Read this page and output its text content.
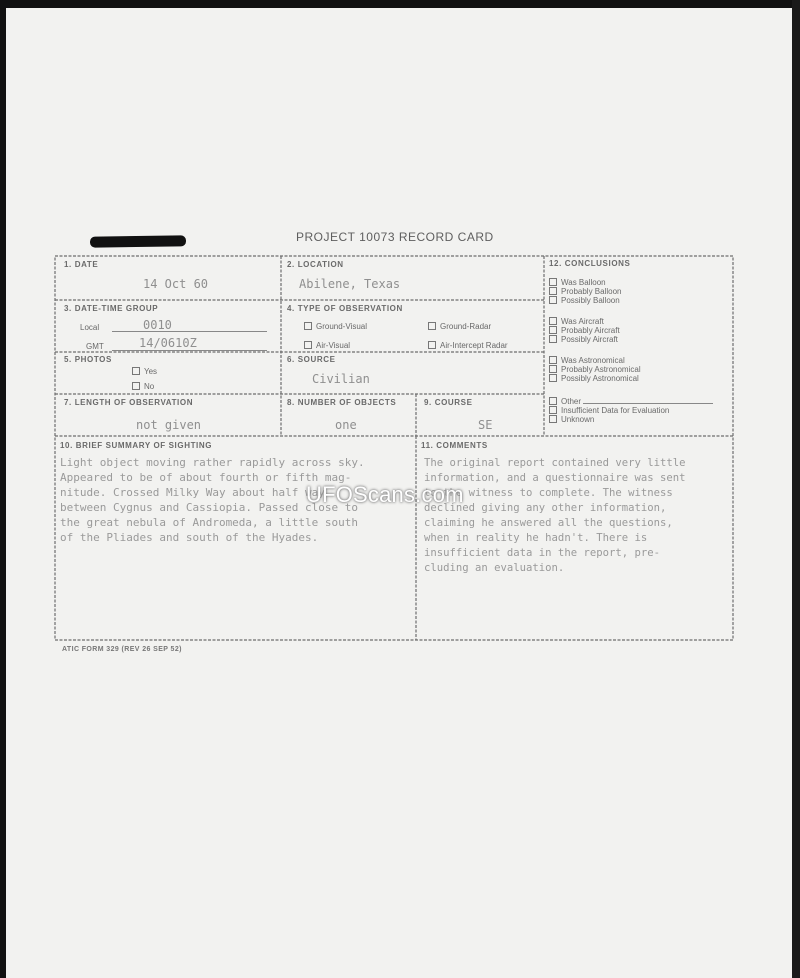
PROJECT 10073 RECORD CARD
1. DATE
14 Oct 60
2. LOCATION
Abilene, Texas
3. DATE-TIME GROUP
Local	0010
GMT	14/0610Z
4. TYPE OF OBSERVATION
Ground-Visual	Ground-Radar
Air-Visual	Air-Intercept Radar
5. PHOTOS
Yes
No
6. SOURCE
Civilian
7. LENGTH OF OBSERVATION
not given
8. NUMBER OF OBJECTS
one
9. COURSE
SE
12. CONCLUSIONS
Was Balloon
Probably Balloon
Possibly Balloon
Was Aircraft
Probably Aircraft
Possibly Aircraft
Was Astronomical
Probably Astronomical
Possibly Astronomical
Other
Insufficient Data for Evaluation
Unknown
10. BRIEF SUMMARY OF SIGHTING
Light object moving rather rapidly across sky.
Appeared to be of about fourth or fifth mag-
nitude. Crossed Milky Way about half way
between Cygnus and Cassiopia. Passed close to
the great nebula of Andromeda, a little south
of the Pliades and south of the Hyades.
11. COMMENTS
The original report contained very little
information, and a questionnaire was sent
to the witness to complete. The witness
declined giving any other information,
claiming he answered all the questions,
when in reality he hadn't. There is
insufficient data in the report, pre-
cluding an evaluation.
UFOScans.com
ATIC FORM 329 (REV 26 SEP 52)
